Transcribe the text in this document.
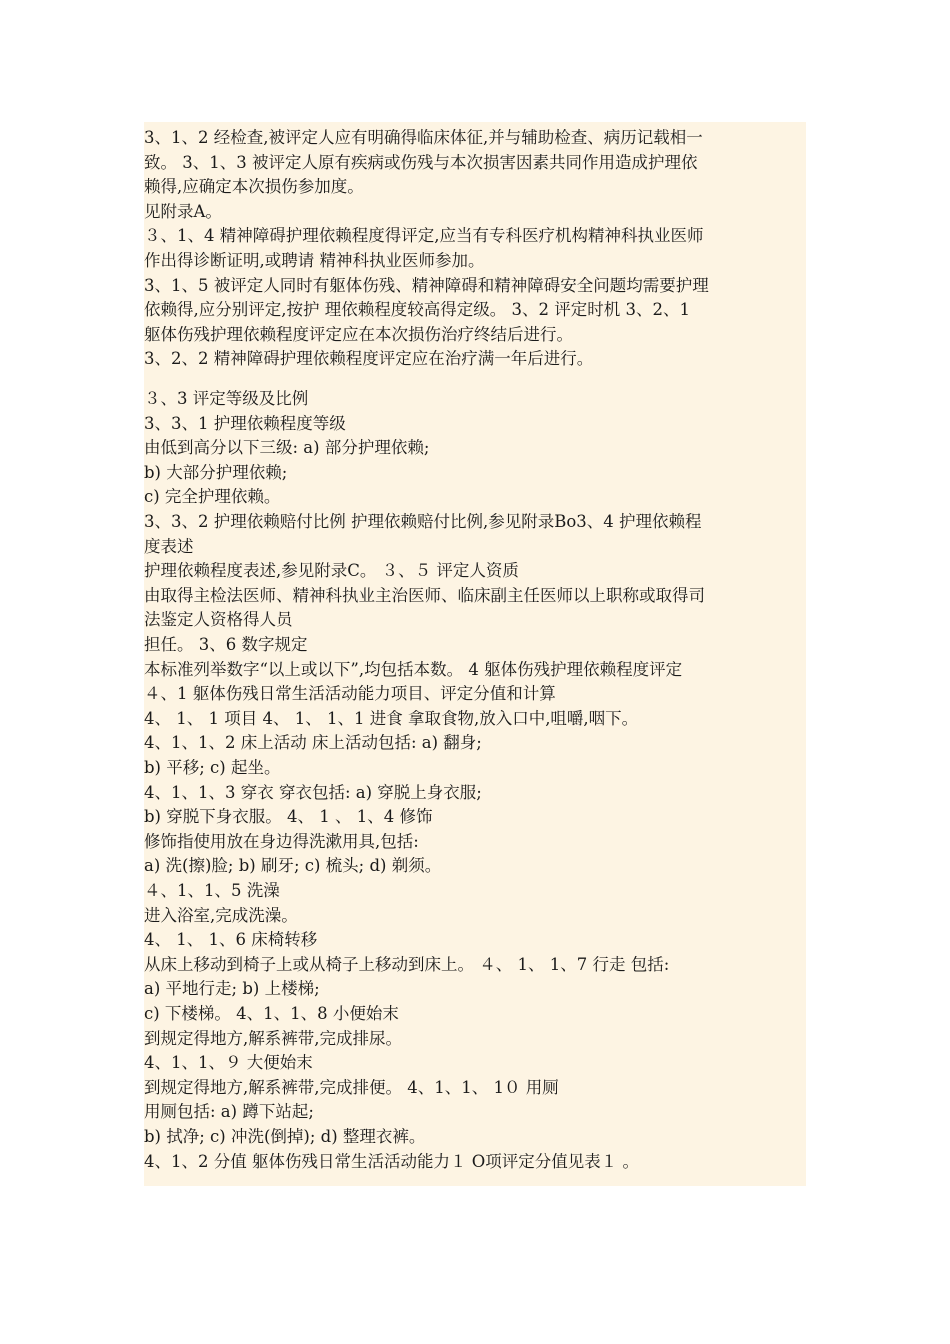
3、1、2 经检查,被评定人应有明确得临床体征,并与辅助检查、病历记载相一
致。 3、1、3 被评定人原有疾病或伤残与本次损害因素共同作用造成护理依
赖得,应确定本次损伤参加度。
见附录A。
３、1、4 精神障碍护理依赖程度得评定,应当有专科医疗机构精神科执业医师
作出得诊断证明,或聘请 精神科执业医师参加。
3、1、5 被评定人同时有躯体伤残、精神障碍和精神障碍安全问题均需要护理
依赖得,应分别评定,按护 理依赖程度较高得定级。 3、2 评定时机 3、2、1
躯体伤残护理依赖程度评定应在本次损伤治疗终结后进行。
3、2、2 精神障碍护理依赖程度评定应在治疗满一年后进行。
３、3 评定等级及比例
3、3、1 护理依赖程度等级
由低到高分以下三级: a) 部分护理依赖;
b) 大部分护理依赖;
c) 完全护理依赖。
3、3、2 护理依赖赔付比例 护理依赖赔付比例,参见附录Bo3、4 护理依赖程
度表述
护理依赖程度表述,参见附录C。 ３、５ 评定人资质
由取得主检法医师、精神科执业主治医师、临床副主任医师以上职称或取得司
法鉴定人资格得人员
担任。 3、6 数字规定
本标准列举数字“以上或以下”,均包括本数。 4 躯体伤残护理依赖程度评定
４、1 躯体伤残日常生活活动能力项目、评定分值和计算
4、 1、 1 项目 4、 1、 1、1 进食 拿取食物,放入口中,咀嚼,咽下。
4、1、1、2 床上活动 床上活动包括: a) 翻身;
b) 平移; c) 起坐。
4、1、1、3 穿衣 穿衣包括: a) 穿脱上身衣服;
b) 穿脱下身衣服。 4、 1 、 1、4 修饰
修饰指使用放在身边得洗漱用具,包括:
a) 洗(擦)脸; b) 刷牙; c) 梳头; d) 剃须。
４、1、1、5 洗澡
进入浴室,完成洗澡。
4、 1、 1、6 床椅转移
从床上移动到椅子上或从椅子上移动到床上。 ４、 1、 1、7 行走 包括:
a) 平地行走; b) 上楼梯;
c) 下楼梯。 4、1、1、8 小便始末
到规定得地方,解系裤带,完成排尿。
4、1、1、９ 大便始末
到规定得地方,解系裤带,完成排便。 4、1、1、 1０ 用厕
用厕包括: a) 蹲下站起;
b) 拭净; c) 冲洗(倒掉); d) 整理衣裤。
4、1、2 分值 躯体伤残日常生活活动能力１ O项评定分值见表１ 。
